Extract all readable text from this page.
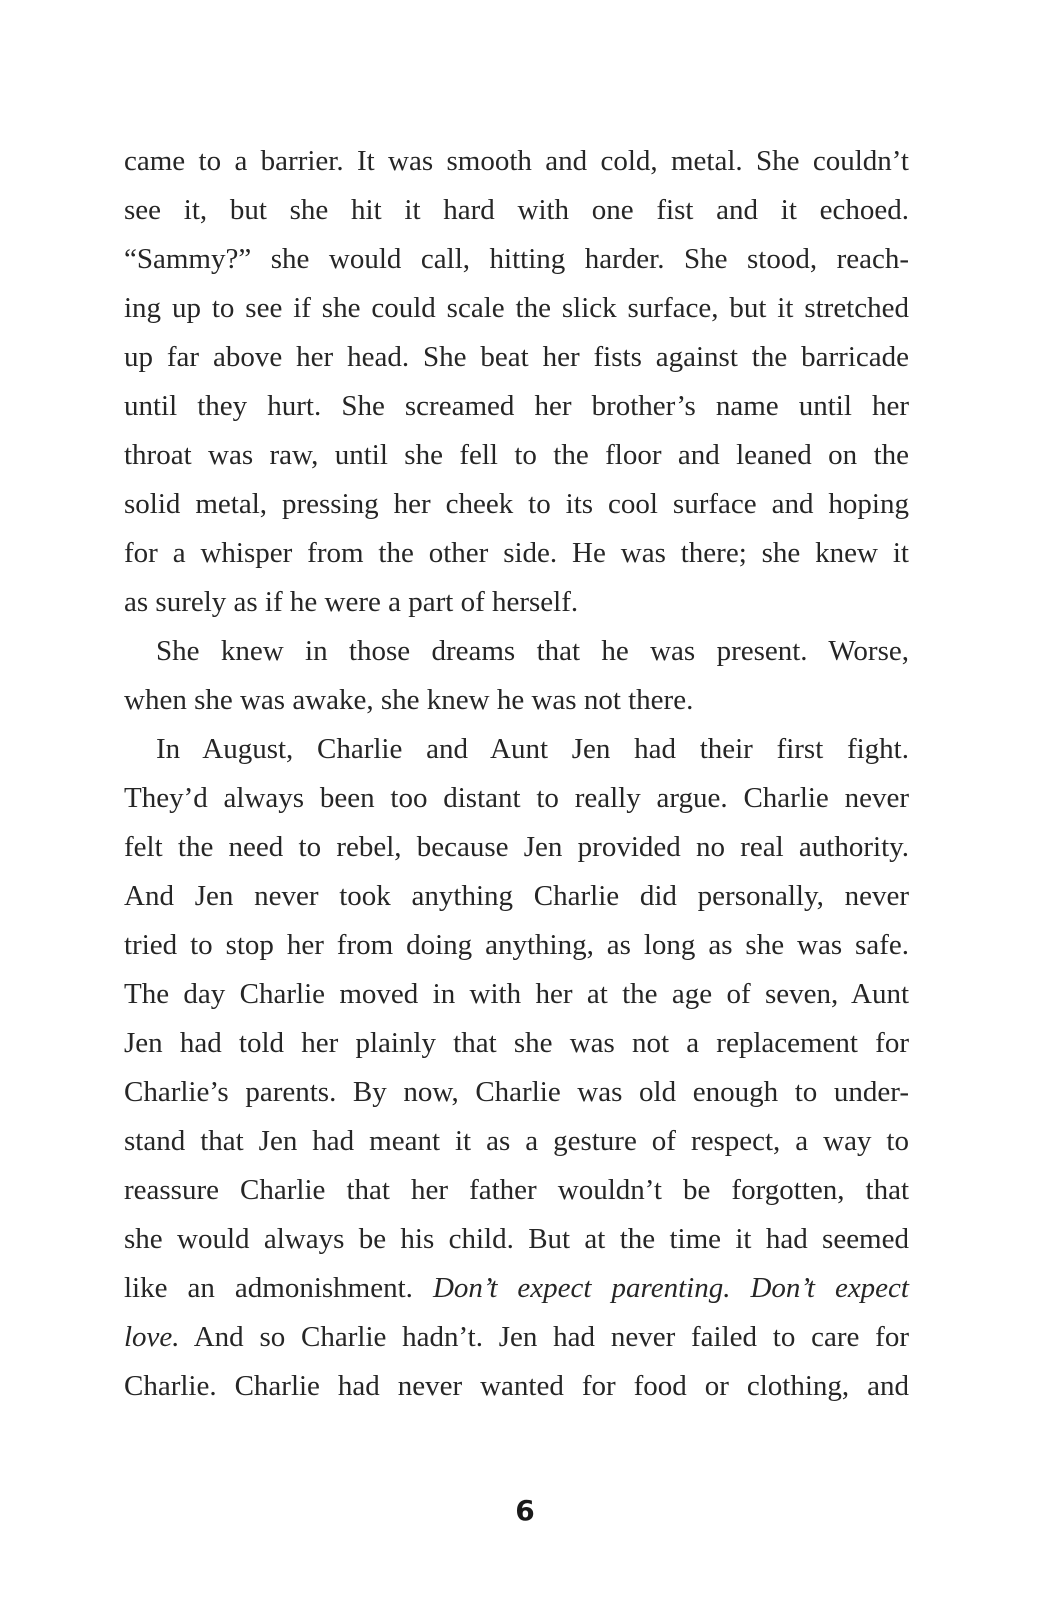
came to a barrier. It was smooth and cold, metal. She couldn’t
see it, but she hit it hard with one fist and it echoed.
“Sammy?” she would call, hitting harder. She stood, reach-
ing up to see if she could scale the slick surface, but it stretched
up far above her head. She beat her fists against the barricade
until they hurt. She screamed her brother’s name until her
throat was raw, until she fell to the floor and leaned on the
solid metal, pressing her cheek to its cool surface and hoping
for a whisper from the other side. He was there; she knew it
as surely as if he were a part of herself.
She knew in those dreams that he was present. Worse,
when she was awake, she knew he was not there.
In August, Charlie and Aunt Jen had their first fight.
They’d always been too distant to really argue. Charlie never
felt the need to rebel, because Jen provided no real authority.
And Jen never took anything Charlie did personally, never
tried to stop her from doing anything, as long as she was safe.
The day Charlie moved in with her at the age of seven, Aunt
Jen had told her plainly that she was not a replacement for
Charlie’s parents. By now, Charlie was old enough to under-
stand that Jen had meant it as a gesture of respect, a way to
reassure Charlie that her father wouldn’t be forgotten, that
she would always be his child. But at the time it had seemed
like an admonishment. Don’t expect parenting. Don’t expect
love. And so Charlie hadn’t. Jen had never failed to care for
Charlie. Charlie had never wanted for food or clothing, and
6
